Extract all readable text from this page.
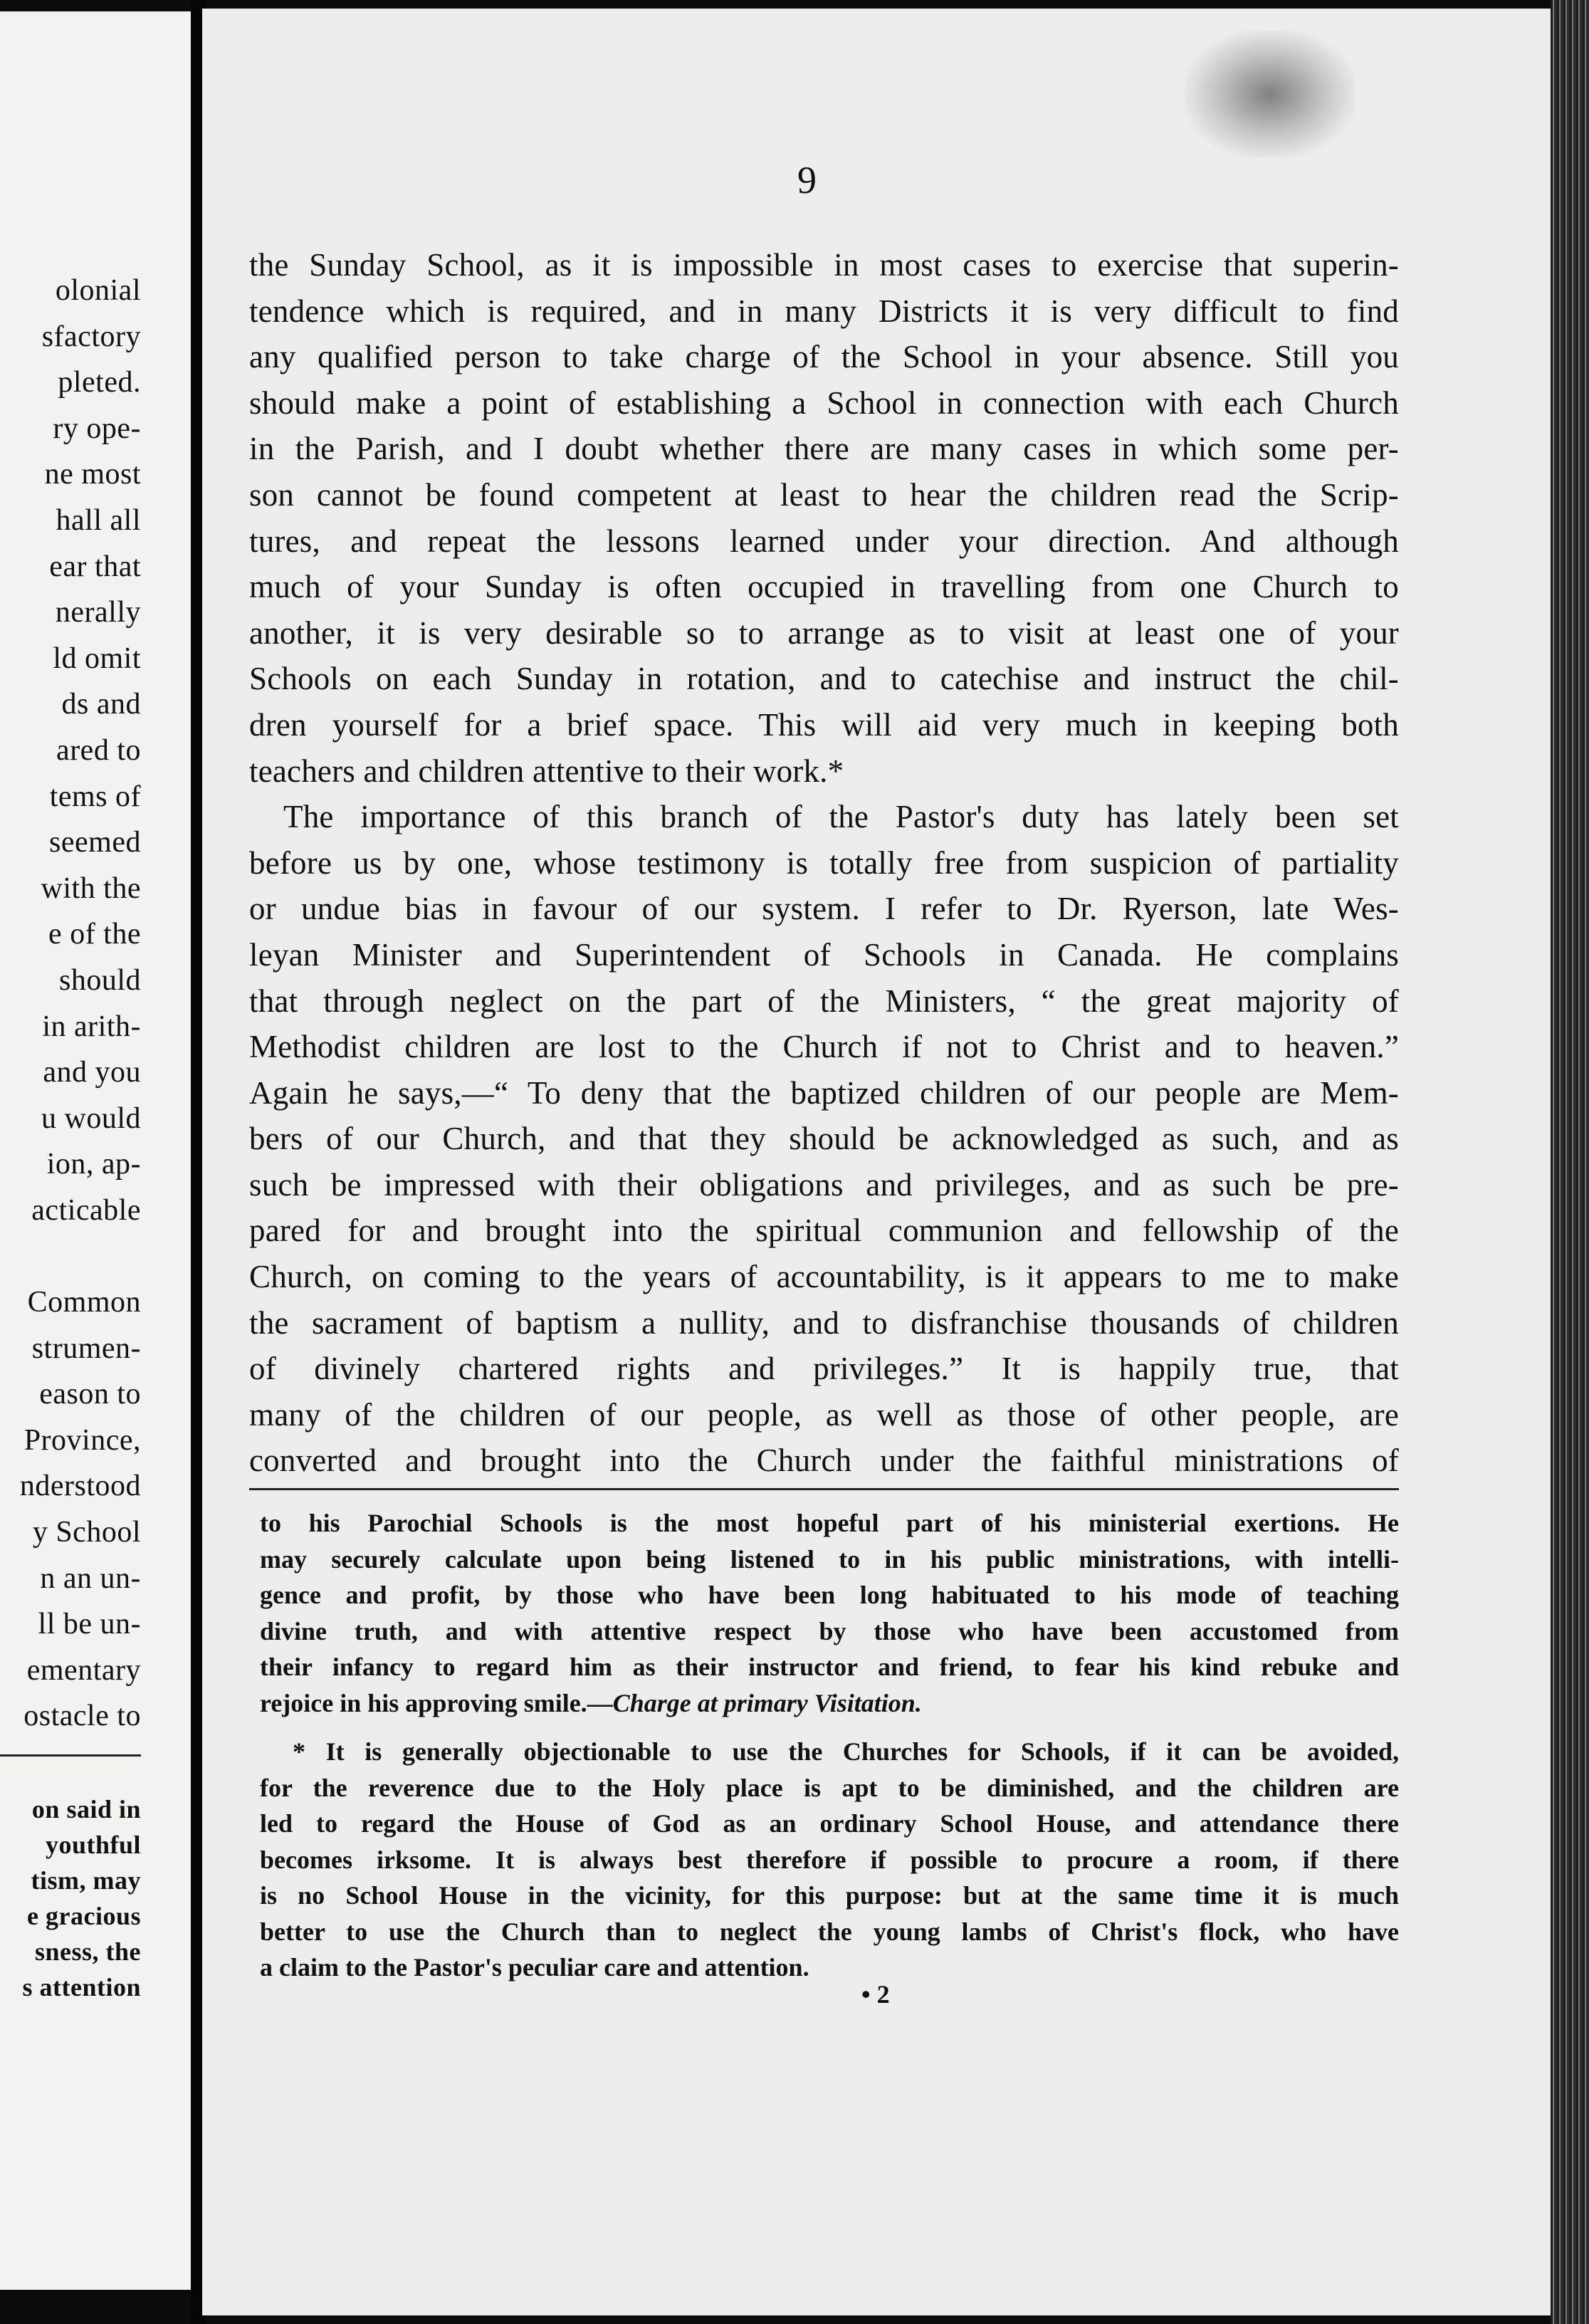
olonial
sfactory
pleted.
ry ope-
ne most
hall all
ear that
nerally
ld omit
ds and
ared to
tems of
seemed
with the
e of the
should
in arith-
and you
u would
ion, ap-
acticable
Common
strumen-
eason to
Province,
nderstood
y School
n an un-
ll be un-
ementary
ostacle to
on said in
youthful
tism, may
e gracious
sness, the
s attention
9
the Sunday School, as it is impossible in most cases to exercise that superin-
tendence which is required, and in many Districts it is very difficult to find
any qualified person to take charge of the School in your absence. Still you
should make a point of establishing a School in connection with each Church
in the Parish, and I doubt whether there are many cases in which some per-
son cannot be found competent at least to hear the children read the Scrip-
tures, and repeat the lessons learned under your direction. And although
much of your Sunday is often occupied in travelling from one Church to
another, it is very desirable so to arrange as to visit at least one of your
Schools on each Sunday in rotation, and to catechise and instruct the chil-
dren yourself for a brief space. This will aid very much in keeping both
teachers and children attentive to their work.*
The importance of this branch of the Pastor's duty has lately been set
before us by one, whose testimony is totally free from suspicion of partiality
or undue bias in favour of our system. I refer to Dr. Ryerson, late Wes-
leyan Minister and Superintendent of Schools in Canada. He complains
that through neglect on the part of the Ministers, “ the great majority of
Methodist children are lost to the Church if not to Christ and to heaven.”
Again he says,—“ To deny that the baptized children of our people are Mem-
bers of our Church, and that they should be acknowledged as such, and as
such be impressed with their obligations and privileges, and as such be pre-
pared for and brought into the spiritual communion and fellowship of the
Church, on coming to the years of accountability, is it appears to me to make
the sacrament of baptism a nullity, and to disfranchise thousands of children
of divinely chartered rights and privileges.” It is happily true, that
many of the children of our people, as well as those of other people, are
converted and brought into the Church under the faithful ministrations of
to his Parochial Schools is the most hopeful part of his ministerial exertions. He
may securely calculate upon being listened to in his public ministrations, with intelli-
gence and profit, by those who have been long habituated to his mode of teaching
divine truth, and with attentive respect by those who have been accustomed from
their infancy to regard him as their instructor and friend, to fear his kind rebuke and
rejoice in his approving smile.—Charge at primary Visitation.
* It is generally objectionable to use the Churches for Schools, if it can be avoided,
for the reverence due to the Holy place is apt to be diminished, and the children are
led to regard the House of God as an ordinary School House, and attendance there
becomes irksome. It is always best therefore if possible to procure a room, if there
is no School House in the vicinity, for this purpose: but at the same time it is much
better to use the Church than to neglect the young lambs of Christ's flock, who have
a claim to the Pastor's peculiar care and attention.
• 2
